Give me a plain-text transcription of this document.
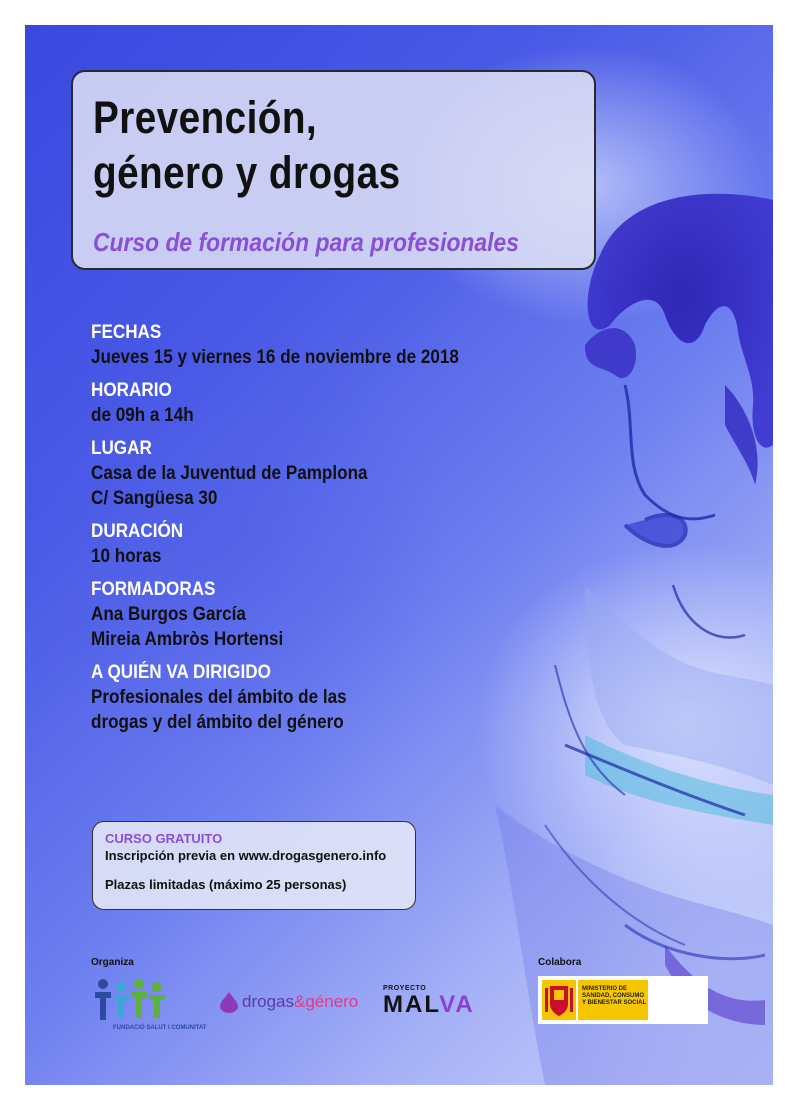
Prevención,
género y drogas

Curso de formación para profesionales

FECHAS
Jueves 15 y viernes 16 de noviembre de 2018
HORARIO
de 09h a 14h
LUGAR
Casa de la Juventud de Pamplona
C/ Sangüesa 30
DURACIÓN
10 horas
FORMADORAS
Ana Burgos García
Mireia Ambròs Hortensi
A QUIÉN VA DIRIGIDO
Profesionales del ámbito de las
drogas y del ámbito del género
CURSO GRATUITO
Inscripción previa en www.drogasgenero.info
Plazas limitadas (máximo 25 personas)
Organiza	Colabora
FUNDACIÓ SALUT I COMUNITAT
drogas&género
PROYECTO
MALVA
MINISTERIO DE SANIDAD, CONSUMO Y BIENESTAR SOCIAL
